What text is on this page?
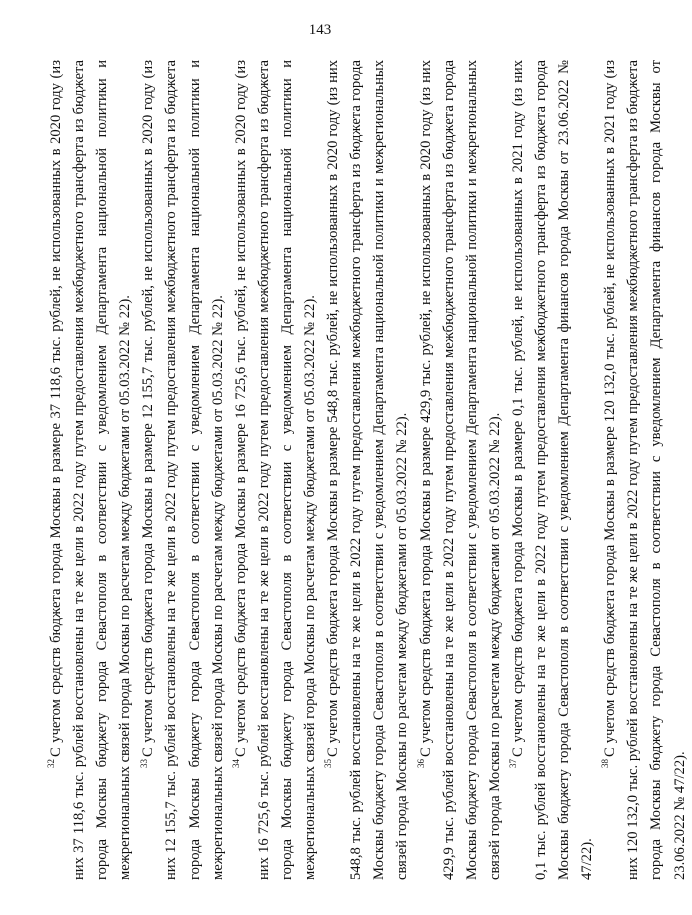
143

$^{32}$С учетом средств бюджета города Москвы в размере 37 118,6 тыс. рублей, не использованных в 2020 году (из них 37 118,6 тыс. рублей восстановлены на те же цели в 2022 году путем предоставления межбюджетного трансферта из бюджета города Москвы бюджету города Севастополя в соответствии с уведомлением Департамента национальной политики и межрегиональных связей города Москвы по расчетам между бюджетами от 05.03.2022 № 22). $^{33}$С учетом средств бюджета города Москвы в размере 12 155,7 тыс. рублей, не использованных в 2020 году (из них 12 155,7 тыс. рублей восстановлены на те же цели в 2022 году путем предоставления межбюджетного трансферта из бюджета города Москвы бюджету города Севастополя в соответствии с уведомлением Департамента национальной политики и межрегиональных связей города Москвы по расчетам между бюджетами от 05.03.2022 № 22). $^{34}$С учетом средств бюджета города Москвы в размере 16 725,6 тыс. рублей, не использованных в 2020 году (из них 16 725,6 тыс. рублей восстановлены на те же цели в 2022 году путем предоставления межбюджетного трансферта из бюджета города Москвы бюджету города Севастополя в соответствии с уведомлением Департамента национальной политики и межрегиональных связей города Москвы по расчетам между бюджетами от 05.03.2022 № 22). $^{35}$С учетом средств бюджета города Москвы в размере 548,8 тыс. рублей, не использованных в 2020 году (из них 548,8 тыс. рублей восстановлены на те же цели в 2022 году путем предоставления межбюджетного трансферта из бюджета города Москвы бюджету города Севастополя в соответствии с уведомлением Департамента национальной политики и межрегиональных связей города Москвы по расчетам между бюджетами от 05.03.2022 № 22). $^{36}$С учетом средств бюджета города Москвы в размере 429,9 тыс. рублей, не использованных в 2020 году (из них 429,9 тыс. рублей восстановлены на те же цели в 2022 году путем предоставления межбюджетного трансферта из бюджета города Москвы бюджету города Севастополя в соответствии с уведомлением Департамента национальной политики и межрегиональных связей города Москвы по расчетам между бюджетами от 05.03.2022 № 22). $^{37}$С учетом средств бюджета города Москвы в размере 0,1 тыс. рублей, не использованных в 2021 году (из них 0,1 тыс. рублей восстановлены на те же цели в 2022 году путем предоставления межбюджетного трансферта из бюджета города Москвы бюджету города Севастополя в соответствии с уведомлением Департамента финансов города Москвы от 23.06.2022 № 47/22).

$^{38}$С учетом средств бюджета города Москвы в размере 120 132,0 тыс. рублей, не использованных в 2021 году (из них 120 132,0 тыс. рублей восстановлены на те же цели в 2022 году путем предоставления межбюджетного трансферта из бюджета города Москвы бюджету города Севастополя в соответствии с уведомлением Департамента финансов города Москвы от 23.06.2022 № 47/22).
